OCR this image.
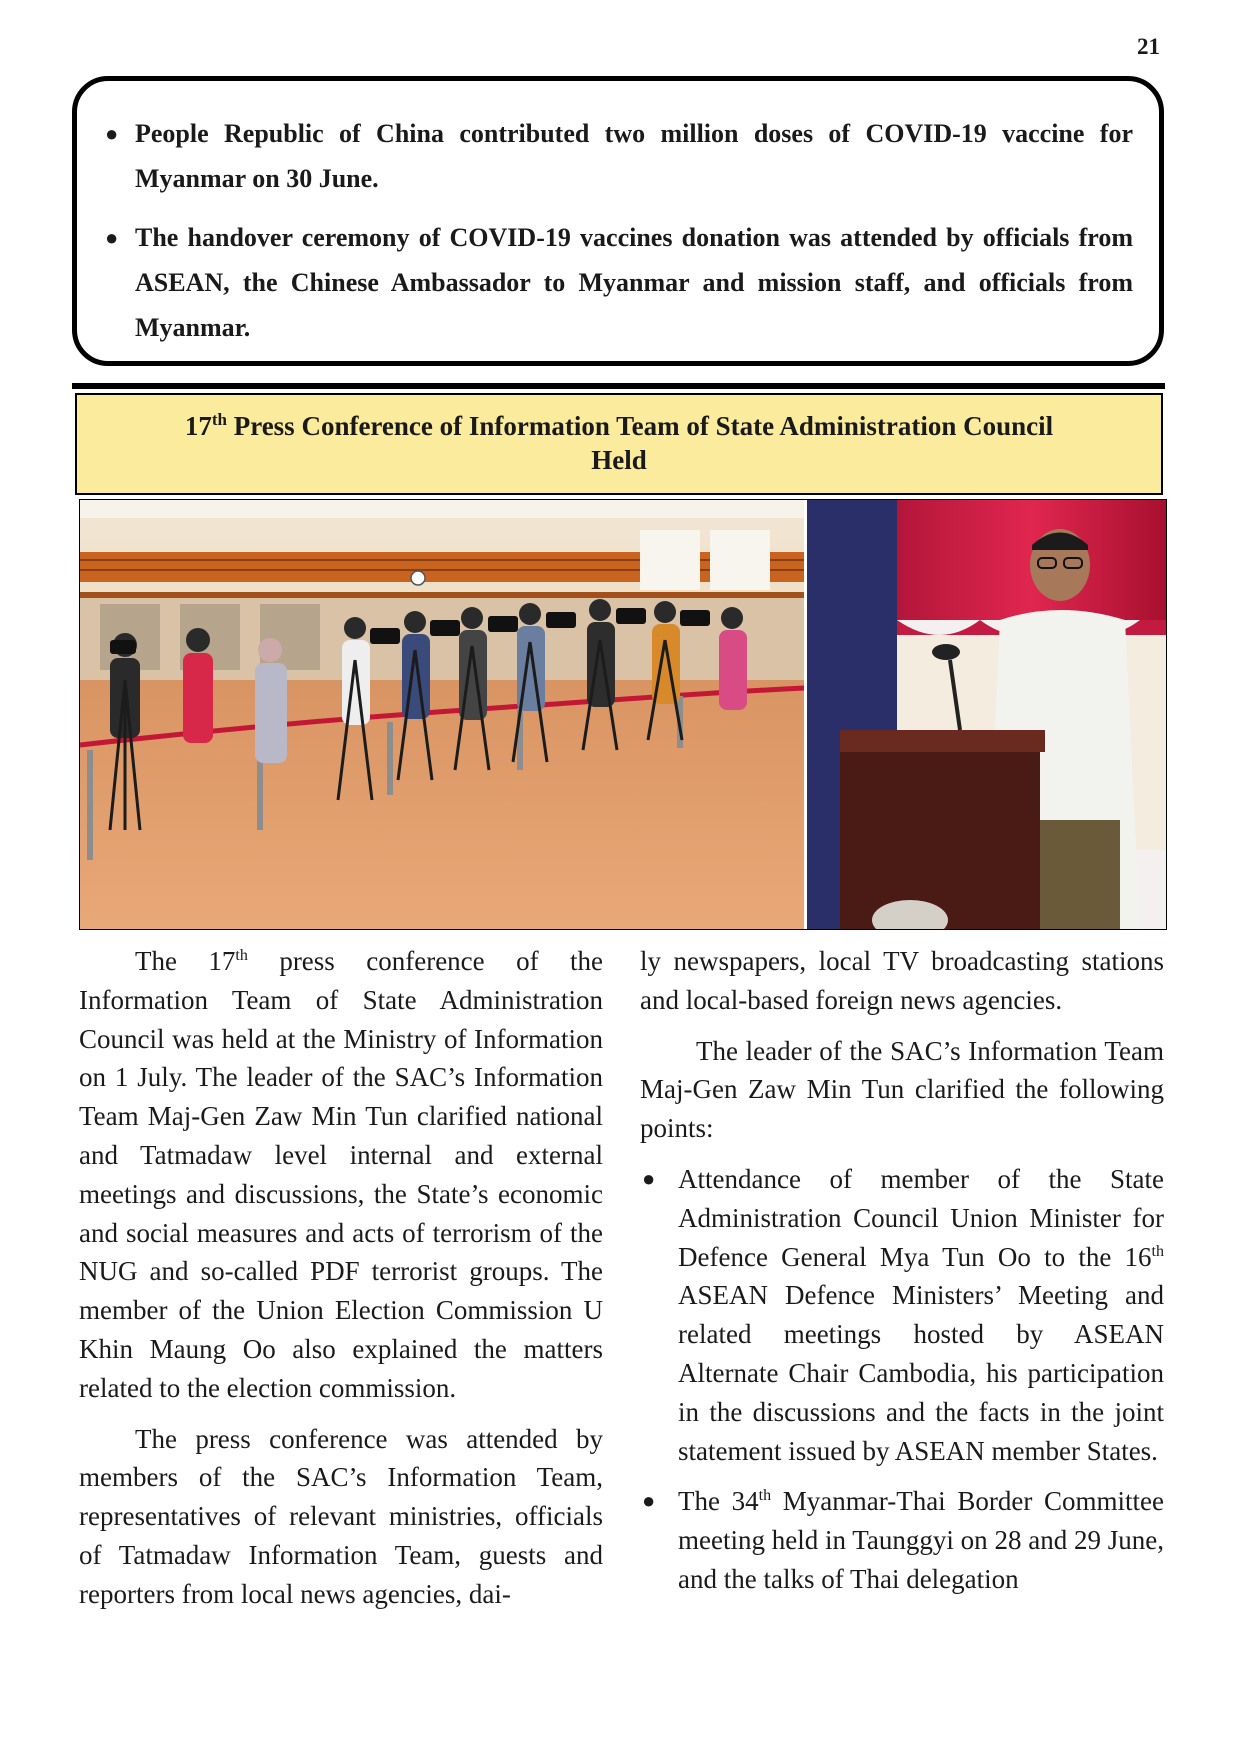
21
● People Republic of China contributed two million doses of COVID-19 vaccine for Myanmar on 30 June.
● The handover ceremony of COVID-19 vaccines donation was attended by officials from ASEAN, the Chinese Ambassador to Myanmar and mission staff, and officials from Myanmar.
17th Press Conference of Information Team of State Administration Council
Held

The 17th press conference of the Information Team of State Administration Council was held at the Ministry of Information on 1 July. The leader of the SAC’s Information Team Maj-Gen Zaw Min Tun clarified national and Tatmadaw level internal and external meetings and discussions, the State’s economic and social measures and acts of terrorism of the NUG and so-called PDF terrorist groups. The member of the Union Election Commission U Khin Maung Oo also explained the matters related to the election commission.

The press conference was attended by members of the SAC’s Information Team, representatives of relevant ministries, officials of Tatmadaw Information Team, guests and reporters from local news agencies, dai-

ly newspapers, local TV broadcasting stations and local-based foreign news agencies.

The leader of the SAC’s Information Team Maj-Gen Zaw Min Tun clarified the following points:

● Attendance of member of the State Administration Council Union Minister for Defence General Mya Tun Oo to the 16th ASEAN Defence Ministers’ Meeting and related meetings hosted by ASEAN Alternate Chair Cambodia, his participation in the discussions and the facts in the joint statement issued by ASEAN member States.
● The 34th Myanmar-Thai Border Committee meeting held in Taunggyi on 28 and 29 June, and the talks of Thai delegation
